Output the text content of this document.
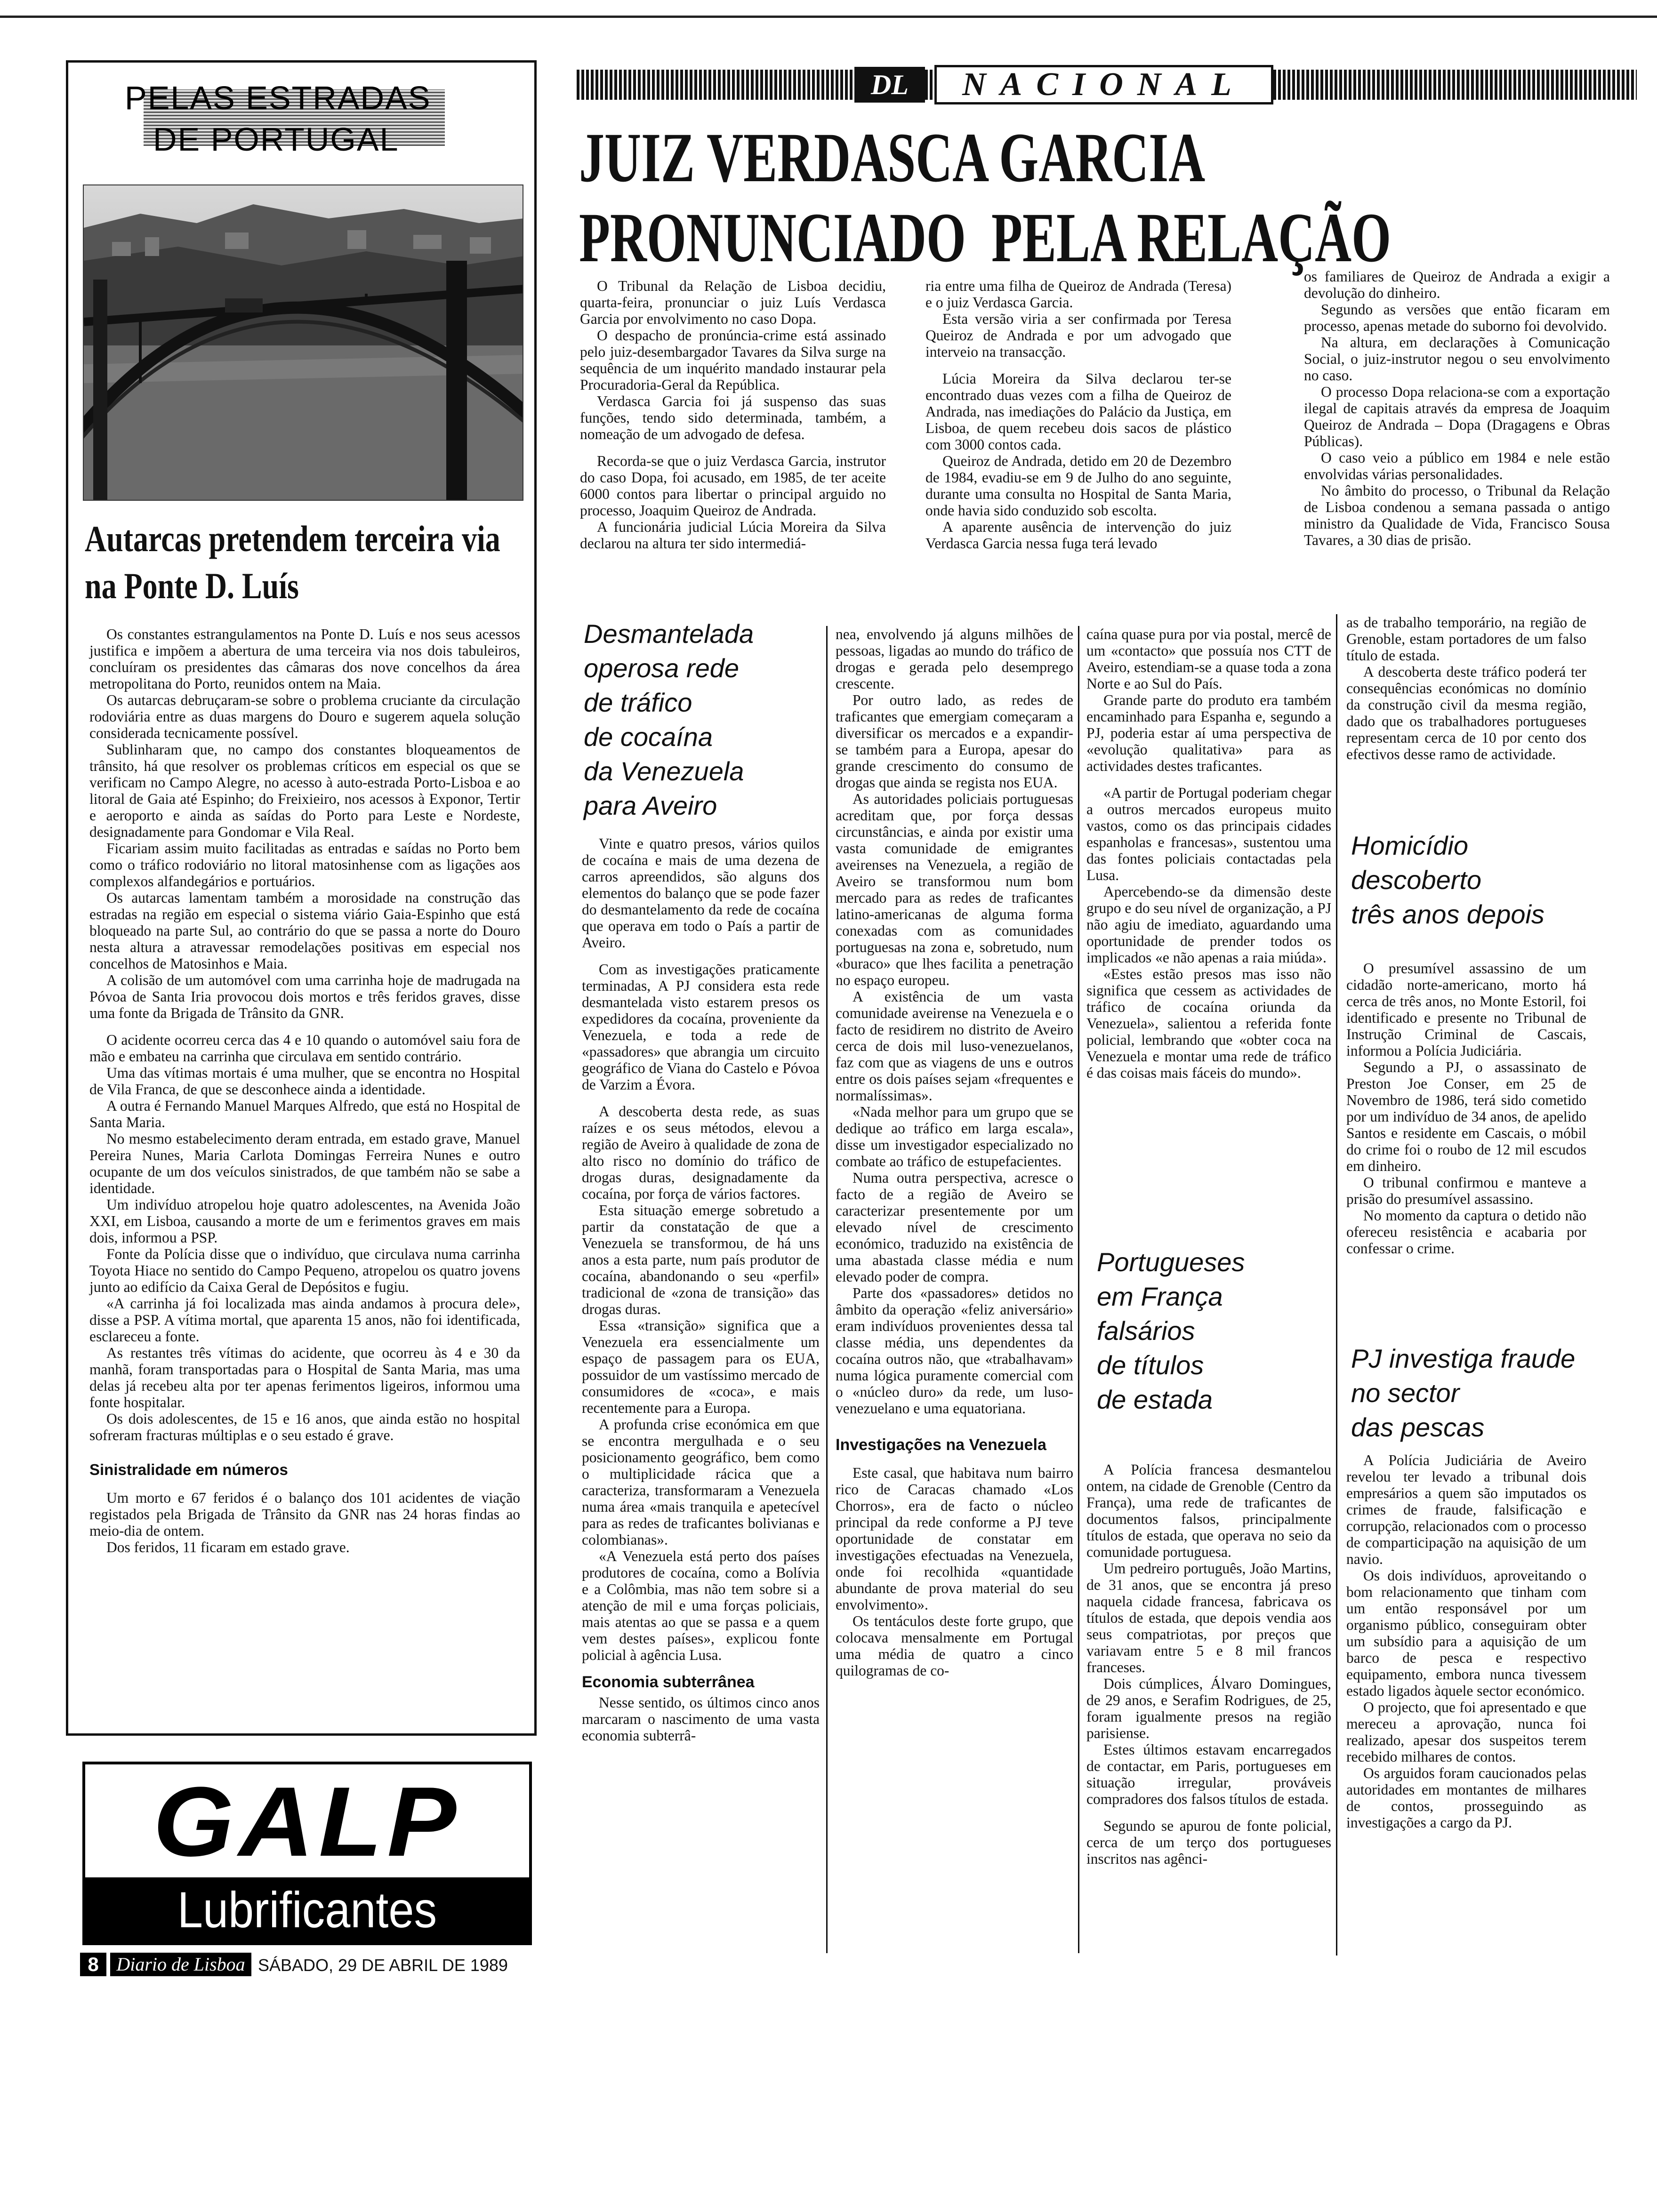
PELAS ESTRADAS
DE PORTUGAL
Autarcas pretendem terceira via na Ponte D. Luís

Os constantes estrangulamentos na Ponte D. Luís e nos seus acessos justifica e impõem a abertura de uma terceira via nos dois tabuleiros, concluíram os presidentes das câmaras dos nove concelhos da área metropolitana do Porto, reunidos ontem na Maia.

Os autarcas debruçaram-se sobre o problema cruciante da circulação rodoviária entre as duas margens do Douro e sugerem aquela solução considerada tecnicamente possível.

Sublinharam que, no campo dos constantes bloqueamentos de trânsito, há que resolver os problemas críticos em especial os que se verificam no Campo Alegre, no acesso à auto-estrada Porto-Lisboa e ao litoral de Gaia até Espinho; do Freixieiro, nos acessos à Exponor, Tertir e aeroporto e ainda as saídas do Porto para Leste e Nordeste, designadamente para Gondomar e Vila Real.

Ficariam assim muito facilitadas as entradas e saídas no Porto bem como o tráfico rodoviário no litoral matosinhense com as ligações aos complexos alfandegários e portuários.

Os autarcas lamentam também a morosidade na construção das estradas na região em especial o sistema viário Gaia-Espinho que está bloqueado na parte Sul, ao contrário do que se passa a norte do Douro nesta altura a atravessar remodelações positivas em especial nos concelhos de Matosinhos e Maia.

A colisão de um automóvel com uma carrinha hoje de madrugada na Póvoa de Santa Iria provocou dois mortos e três feridos graves, disse uma fonte da Brigada de Trânsito da GNR.

O acidente ocorreu cerca das 4 e 10 quando o automóvel saiu fora de mão e embateu na carrinha que circulava em sentido contrário.

Uma das vítimas mortais é uma mulher, que se encontra no Hospital de Vila Franca, de que se desconhece ainda a identidade.

A outra é Fernando Manuel Marques Alfredo, que está no Hospital de Santa Maria.

No mesmo estabelecimento deram entrada, em estado grave, Manuel Pereira Nunes, Maria Carlota Domingas Ferreira Nunes e outro ocupante de um dos veículos sinistrados, de que também não se sabe a identidade.

Um indivíduo atropelou hoje quatro adolescentes, na Avenida João XXI, em Lisboa, causando a morte de um e ferimentos graves em mais dois, informou a PSP.

Fonte da Polícia disse que o indivíduo, que circulava numa carrinha Toyota Hiace no sentido do Campo Pequeno, atropelou os quatro jovens junto ao edifício da Caixa Geral de Depósitos e fugiu.

«A carrinha já foi localizada mas ainda andamos à procura dele», disse a PSP. A vítima mortal, que aparenta 15 anos, não foi identificada, esclareceu a fonte.

As restantes três vítimas do acidente, que ocorreu às 4 e 30 da manhã, foram transportadas para o Hospital de Santa Maria, mas uma delas já recebeu alta por ter apenas ferimentos ligeiros, informou uma fonte hospitalar.

Os dois adolescentes, de 15 e 16 anos, que ainda estão no hospital sofreram fracturas múltiplas e o seu estado é grave.

Sinistralidade em números

Um morto e 67 feridos é o balanço dos 101 acidentes de viação registados pela Brigada de Trânsito da GNR nas 24 horas findas ao meio-dia de ontem.

Dos feridos, 11 ficaram em estado grave.

GALP
Lubrificantes
8 Diario de Lisboa SÁBADO, 29 DE ABRIL DE 1989
DL	NACIONAL
JUIZ VERDASCA GARCIA
PRONUNCIADO  PELA RELAÇÃO

O Tribunal da Relação de Lisboa decidiu, quarta-feira, pronunciar o juiz Luís Verdasca Garcia por envolvimento no caso Dopa.

O despacho de pronúncia-crime está assinado pelo juiz-desembargador Tavares da Silva surge na sequência de um inquérito mandado instaurar pela Procuradoria-Geral da República.

Verdasca Garcia foi já suspenso das suas funções, tendo sido determinada, também, a nomeação de um advogado de defesa.

Recorda-se que o juiz Verdasca Garcia, instrutor do caso Dopa, foi acusado, em 1985, de ter aceite 6000 contos para libertar o principal arguido no processo, Joaquim Queiroz de Andrada.

A funcionária judicial Lúcia Moreira da Silva declarou na altura ter sido intermediá-

ria entre uma filha de Queiroz de Andrada (Teresa) e o juiz Verdasca Garcia.

Esta versão viria a ser confirmada por Teresa Queiroz de Andrada e por um advogado que interveio na transacção.

Lúcia Moreira da Silva declarou ter-se encontrado duas vezes com a filha de Queiroz de Andrada, nas imediações do Palácio da Justiça, em Lisboa, de quem recebeu dois sacos de plástico com 3000 contos cada.

Queiroz de Andrada, detido em 20 de Dezembro de 1984, evadiu-se em 9 de Julho do ano seguinte, durante uma consulta no Hospital de Santa Maria, onde havia sido conduzido sob escolta.

A aparente ausência de intervenção do juiz Verdasca Garcia nessa fuga terá levado

os familiares de Queiroz de Andrada a exigir a devolução do dinheiro.

Segundo as versões que então ficaram em processo, apenas metade do suborno foi devolvido.

Na altura, em declarações à Comunicação Social, o juiz-instrutor negou o seu envolvimento no caso.

O processo Dopa relaciona-se com a exportação ilegal de capitais através da empresa de Joaquim Queiroz de Andrada – Dopa (Dragagens e Obras Públicas).

O caso veio a público em 1984 e nele estão envolvidas várias personalidades.

No âmbito do processo, o Tribunal da Relação de Lisboa condenou a semana passada o antigo ministro da Qualidade de Vida, Francisco Sousa Tavares, a 30 dias de prisão.

Desmantelada
operosa rede
de tráfico
de cocaína
da Venezuela
para Aveiro

Vinte e quatro presos, vários quilos de cocaína e mais de uma dezena de carros apreendidos, são alguns dos elementos do balanço que se pode fazer do desmantelamento da rede de cocaína que operava em todo o País a partir de Aveiro.

Com as investigações praticamente terminadas, A PJ considera esta rede desmantelada visto estarem presos os expedidores da cocaína, proveniente da Venezuela, e toda a rede de «passadores» que abrangia um circuito geográfico de Viana do Castelo e Póvoa de Varzim a Évora.

A descoberta desta rede, as suas raízes e os seus métodos, elevou a região de Aveiro à qualidade de zona de alto risco no domínio do tráfico de drogas duras, designadamente da cocaína, por força de vários factores.

Esta situação emerge sobretudo a partir da constatação de que a Venezuela se transformou, de há uns anos a esta parte, num país produtor de cocaína, abandonando o seu «perfil» tradicional de «zona de transição» das drogas duras.

Essa «transição» significa que a Venezuela era essencialmente um espaço de passagem para os EUA, possuidor de um vastíssimo mercado de consumidores de «coca», e mais recentemente para a Europa.

A profunda crise económica em que se encontra mergulhada e o seu posicionamento geográfico, bem como o multiplicidade rácica que a caracteriza, transformaram a Venezuela numa área «mais tranquila e apetecível para as redes de traficantes bolivianas e colombianas».

«A Venezuela está perto dos países produtores de cocaína, como a Bolívia e a Colômbia, mas não tem sobre si a atenção de mil e uma forças policiais, mais atentas ao que se passa e a quem vem destes países», explicou fonte policial à agência Lusa.

Economia subterrânea

Nesse sentido, os últimos cinco anos marcaram o nascimento de uma vasta economia subterrâ-

nea, envolvendo já alguns milhões de pessoas, ligadas ao mundo do tráfico de drogas e gerada pelo desemprego crescente.

Por outro lado, as redes de traficantes que emergiam começaram a diversificar os mercados e a expandir-se também para a Europa, apesar do grande crescimento do consumo de drogas que ainda se regista nos EUA.

As autoridades policiais portuguesas acreditam que, por força dessas circunstâncias, e ainda por existir uma vasta comunidade de emigrantes aveirenses na Venezuela, a região de Aveiro se transformou num bom mercado para as redes de traficantes latino-americanas de alguma forma conexadas com as comunidades portuguesas na zona e, sobretudo, num «buraco» que lhes facilita a penetração no espaço europeu.

A existência de um vasta comunidade aveirense na Venezuela e o facto de residirem no distrito de Aveiro cerca de dois mil luso-venezuelanos, faz com que as viagens de uns e outros entre os dois países sejam «frequentes e normalíssimas».

«Nada melhor para um grupo que se dedique ao tráfico em larga escala», disse um investigador especializado no combate ao tráfico de estupefacientes.

Numa outra perspectiva, acresce o facto de a região de Aveiro se caracterizar presentemente por um elevado nível de crescimento económico, traduzido na existência de uma abastada classe média e num elevado poder de compra.

Parte dos «passadores» detidos no âmbito da operação «feliz aniversário» eram indivíduos provenientes dessa tal classe média, uns dependentes da cocaína outros não, que «trabalhavam» numa lógica puramente comercial com o «núcleo duro» da rede, um luso-venezuelano e uma equatoriana.

Investigações na Venezuela

Este casal, que habitava num bairro rico de Caracas chamado «Los Chorros», era de facto o núcleo principal da rede conforme a PJ teve oportunidade de constatar em investigações efectuadas na Venezuela, onde foi recolhida «quantidade abundante de prova material do seu envolvimento».

Os tentáculos deste forte grupo, que colocava mensalmente em Portugal uma média de quatro a cinco quilogramas de co-

caína quase pura por via postal, mercê de um «contacto» que possuía nos CTT de Aveiro, estendiam-se a quase toda a zona Norte e ao Sul do País.

Grande parte do produto era também encaminhado para Espanha e, segundo a PJ, poderia estar aí uma perspectiva de «evolução qualitativa» para as actividades destes traficantes.

«A partir de Portugal poderiam chegar a outros mercados europeus muito vastos, como os das principais cidades espanholas e francesas», sustentou uma das fontes policiais contactadas pela Lusa.

Apercebendo-se da dimensão deste grupo e do seu nível de organização, a PJ não agiu de imediato, aguardando uma oportunidade de prender todos os implicados «e não apenas a raia miúda».

«Estes estão presos mas isso não significa que cessem as actividades de tráfico de cocaína oriunda da Venezuela», salientou a referida fonte policial, lembrando que «obter coca na Venezuela e montar uma rede de tráfico é das coisas mais fáceis do mundo».

Portugueses
em França
falsários
de títulos
de estada

A Polícia francesa desmantelou ontem, na cidade de Grenoble (Centro da França), uma rede de traficantes de documentos falsos, principalmente títulos de estada, que operava no seio da comunidade portuguesa.

Um pedreiro português, João Martins, de 31 anos, que se encontra já preso naquela cidade francesa, fabricava os títulos de estada, que depois vendia aos seus compatriotas, por preços que variavam entre 5 e 8 mil francos franceses.

Dois cúmplices, Álvaro Domingues, de 29 anos, e Serafim Rodrigues, de 25, foram igualmente presos na região parisiense.

Estes últimos estavam encarregados de contactar, em Paris, portugueses em situação irregular, prováveis compradores dos falsos títulos de estada.

Segundo se apurou de fonte policial, cerca de um terço dos portugueses inscritos nas agênci-

as de trabalho temporário, na região de Grenoble, estam portadores de um falso título de estada.

A descoberta deste tráfico poderá ter consequências económicas no domínio da construção civil da mesma região, dado que os trabalhadores portugueses representam cerca de 10 por cento dos efectivos desse ramo de actividade.

Homicídio
descoberto
três anos depois

O presumível assassino de um cidadão norte-americano, morto há cerca de três anos, no Monte Estoril, foi identificado e presente no Tribunal de Instrução Criminal de Cascais, informou a Polícia Judiciária.

Segundo a PJ, o assassinato de Preston Joe Conser, em 25 de Novembro de 1986, terá sido cometido por um indivíduo de 34 anos, de apelido Santos e residente em Cascais, o móbil do crime foi o roubo de 12 mil escudos em dinheiro.

O tribunal confirmou e manteve a prisão do presumível assassino.

No momento da captura o detido não ofereceu resistência e acabaria por confessar o crime.

PJ investiga fraude
no sector
das pescas

A Polícia Judiciária de Aveiro revelou ter levado a tribunal dois empresários a quem são imputados os crimes de fraude, falsificação e corrupção, relacionados com o processo de comparticipação na aquisição de um navio.

Os dois indivíduos, aproveitando o bom relacionamento que tinham com um então responsável por um organismo público, conseguiram obter um subsídio para a aquisição de um barco de pesca e respectivo equipamento, embora nunca tivessem estado ligados àquele sector económico.

O projecto, que foi apresentado e que mereceu a aprovação, nunca foi realizado, apesar dos suspeitos terem recebido milhares de contos.

Os arguidos foram caucionados pelas autoridades em montantes de milhares de contos, prosseguindo as investigações a cargo da PJ.
